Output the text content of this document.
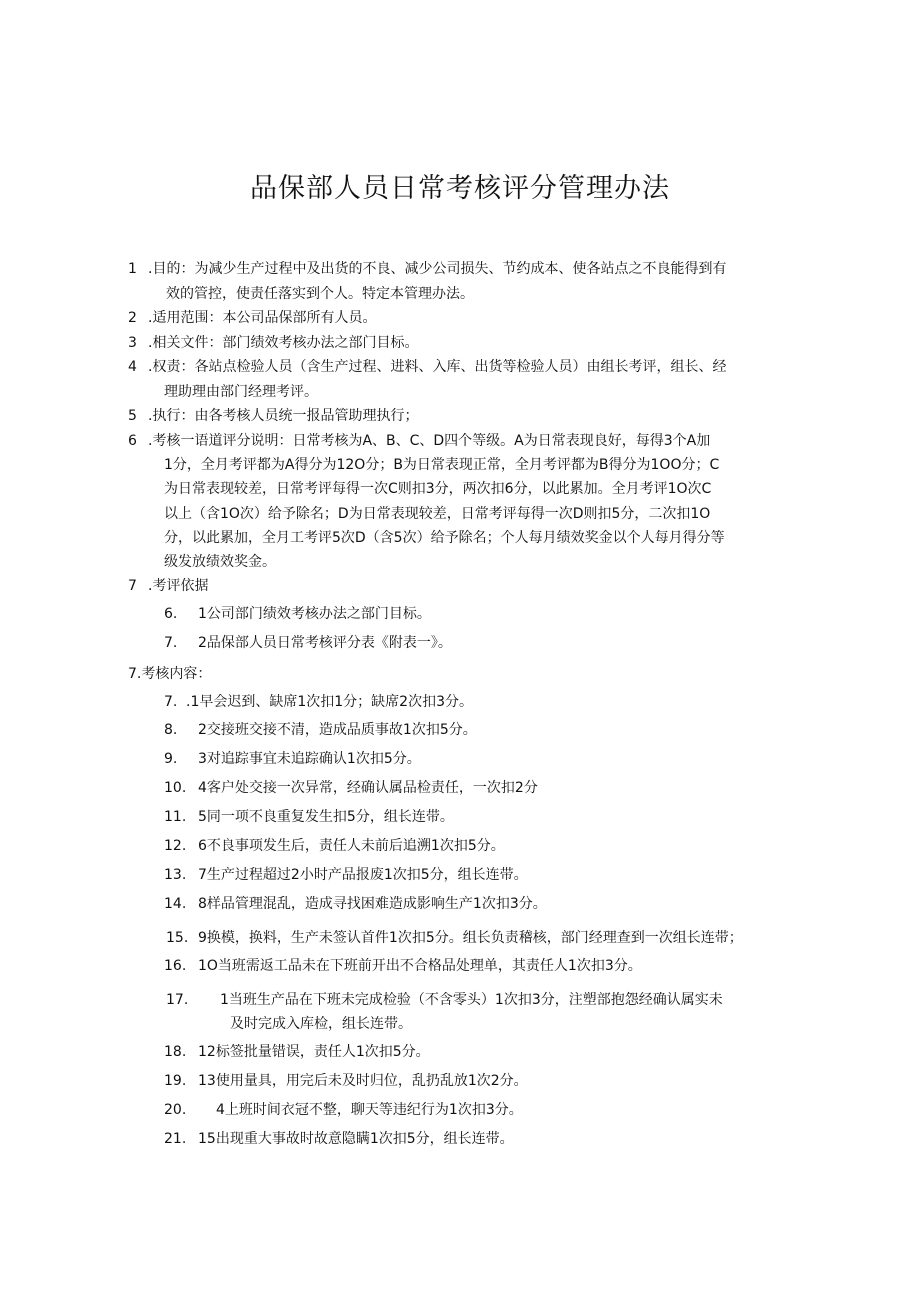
品保部人员日常考核评分管理办法
1 .目的：为减少生产过程中及出货的不良、减少公司损失、节约成本、使各站点之不良能得到有
效的管控，使责任落实到个人。特定本管理办法。
2 .适用范围：本公司品保部所有人员。
3 .相关文件：部门绩效考核办法之部门目标。
4 .权责：各站点检验人员（含生产过程、进料、入库、出货等检验人员）由组长考评，组长、经
理助理由部门经理考评。
5 .执行：由各考核人员统一报品管助理执行；
6 .考核一语道评分说明：日常考核为A、B、C、D四个等级。A为日常表现良好，每得3个A加
1分，全月考评都为A得分为12O分；B为日常表现正常，全月考评都为B得分为1OO分；C
为日常表现较差，日常考评每得一次C则扣3分，两次扣6分，以此累加。全月考评1O次C
以上（含1O次）给予除名；D为日常表现较差，日常考评每得一次D则扣5分，二次扣1O
分，以此累加，全月工考评5次D（含5次）给予除名；个人每月绩效奖金以个人每月得分等
级发放绩效奖金。
7 .考评依据
6. 1公司部门绩效考核办法之部门目标。
7. 2品保部人员日常考核评分表《附表一》。
7.考核内容：
7. .1早会迟到、缺席1次扣1分；缺席2次扣3分。
8. 2交接班交接不清，造成品质事故1次扣5分。
9. 3对追踪事宜未追踪确认1次扣5分。
10. 4客户处交接一次异常，经确认属品检责任，一次扣2分
11. 5同一项不良重复发生扣5分，组长连带。
12. 6不良事项发生后，责任人未前后追溯1次扣5分。
13. 7生产过程超过2小时产品报废1次扣5分，组长连带。
14. 8样品管理混乱，造成寻找困难造成影响生产1次扣3分。
15. 9换模，换料，生产未签认首件1次扣5分。组长负责稽核，部门经理查到一次组长连带；
16. 1O当班需返工品未在下班前开出不合格品处理单，其责任人1次扣3分。
17. 1当班生产品在下班未完成检验（不含零头）1次扣3分，注塑部抱怨经确认属实未
及时完成入库检，组长连带。
18. 12标签批量错误，责任人1次扣5分。
19. 13使用量具，用完后未及时归位，乱扔乱放1次2分。
20. 4上班时间衣冠不整，聊天等违纪行为1次扣3分。
21. 15出现重大事故时故意隐瞒1次扣5分，组长连带。
